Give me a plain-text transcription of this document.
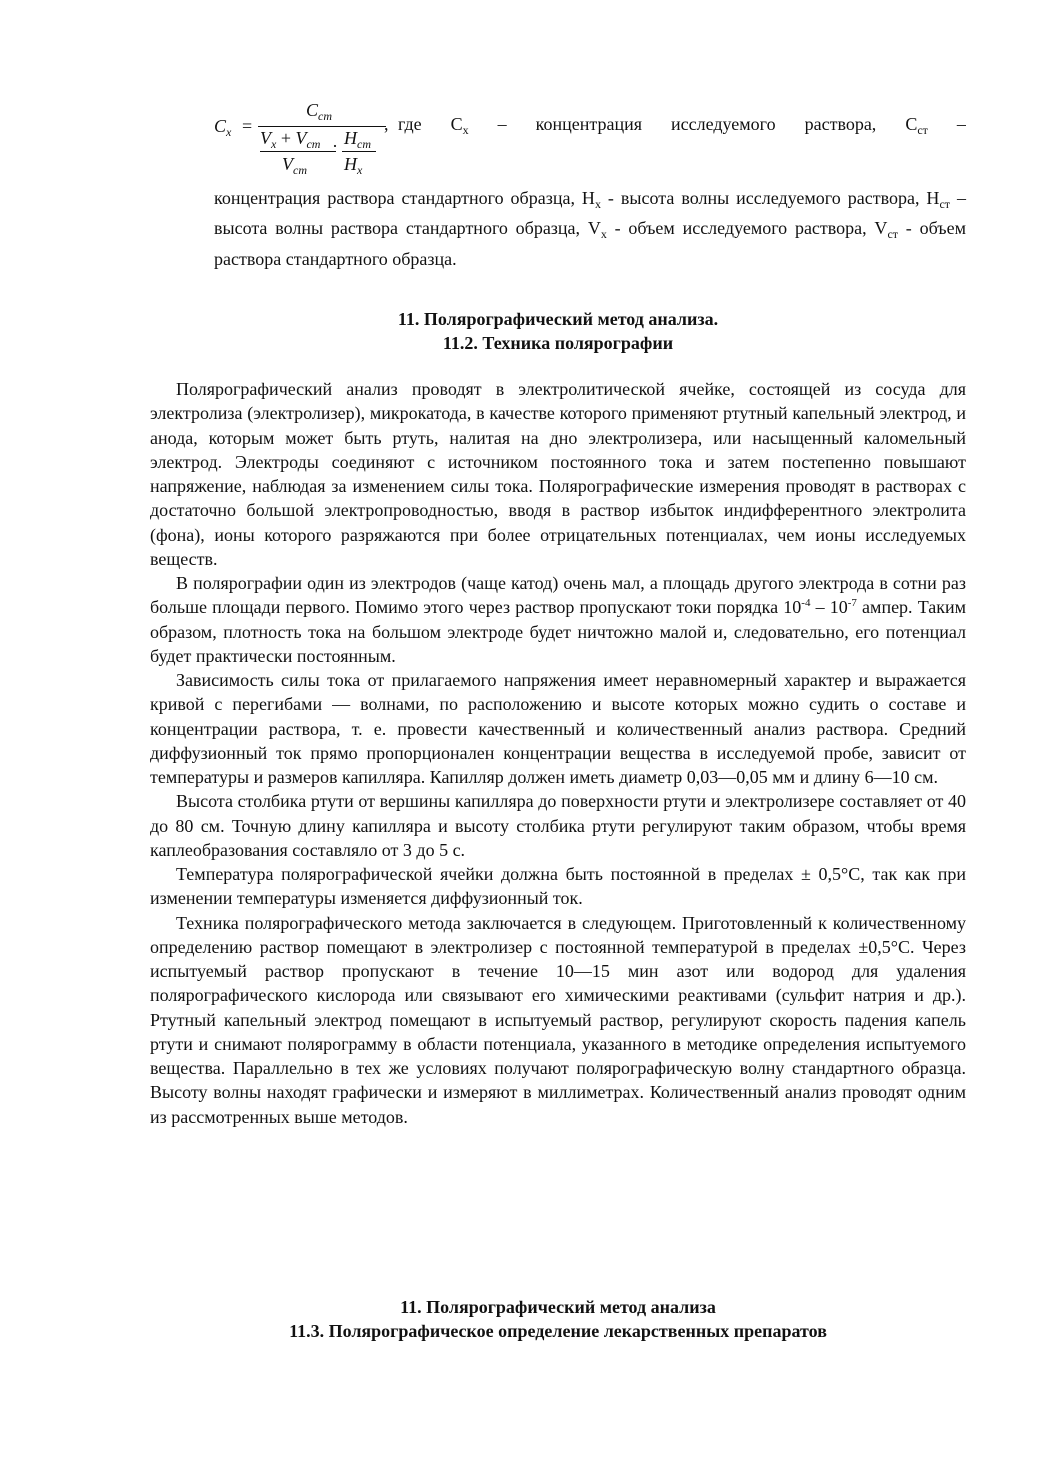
$C_x$ =
$C_{ст}$
$V_x + V_{ст}$
$V_{ст}$
· $H_{ст}$
$H_x$
, где $C_х$ – концентрация исследуемого раствора, $C_{ст}$ –

концентрация раствора стандартного образца, $H_х$ - высота волны исследуемого раствора, $H_{ст}$ – высота волны раствора стандартного образца, $V_х$ - объем исследуемого раствора, $V_{ст}$ - объем раствора стандартного образца.

11. Полярографический метод анализа.

11.2. Техника полярографии

Полярографический анализ проводят в электролитической ячейке, состоящей из сосуда для электролиза (электролизер), микрокатода, в качестве которого применяют ртутный капельный электрод, и анода, которым может быть ртуть, налитая на дно электролизера, или насыщенный каломельный электрод. Электроды соединяют с источником постоянного тока и затем постепенно повышают напряжение, наблюдая за изменением силы тока. Полярографические измерения проводят в растворах с достаточно большой электропроводностью, вводя в раствор избыток индифферентного электролита (фона), ионы которого разряжаются при более отрицательных потенциалах, чем ионы исследуемых веществ.

В полярографии один из электродов (чаще катод) очень мал, а площадь другого электрода в сотни раз больше площади первого. Помимо этого через раствор пропускают токи порядка $10^{-4} - 10^{-7}$ ампер. Таким образом, плотность тока на большом электроде будет ничтожно малой и, следовательно, его потенциал будет практически постоянным.

Зависимость силы тока от прилагаемого напряжения имеет неравномерный характер и выражается кривой с перегибами — волнами, по расположению и высоте которых можно судить о составе и концентрации раствора, т. е. провести качественный и количественный анализ раствора. Средний диффузионный ток прямо пропорционален концентрации вещества в исследуемой пробе, зависит от температуры и размеров капилляра. Капилляр должен иметь диаметр 0,03—0,05 мм и длину 6—10 см.

Высота столбика ртути от вершины капилляра до поверхности ртути и электролизере составляет от 40 до 80 см. Точную длину капилляра и высоту столбика ртути регулируют таким образом, чтобы время каплеобразования составляло от 3 до 5 с.

Температура полярографической ячейки должна быть постоянной в пределах ± 0,5°С, так как при изменении температуры изменяется диффузионный ток.

Техника полярографического метода заключается в следующем. Приготовленный к количественному определению раствор помещают в электролизер с постоянной температурой в пределах ±0,5°С. Через испытуемый раствор пропускают в течение 10—15 мин азот или водород для удаления полярографического кислорода или связывают его химическими реактивами (сульфит натрия и др.). Ртутный капельный электрод помещают в испытуемый раствор, регулируют скорость падения капель ртути и снимают полярограмму в области потенциала, указанного в методике определения испытуемого вещества. Параллельно в тех же условиях получают полярографическую волну стандартного образца. Высоту волны находят графически и измеряют в миллиметрах. Количественный анализ проводят одним из рассмотренных выше методов.

11. Полярографический метод анализа

11.3. Полярографическое определение лекарственных препаратов
